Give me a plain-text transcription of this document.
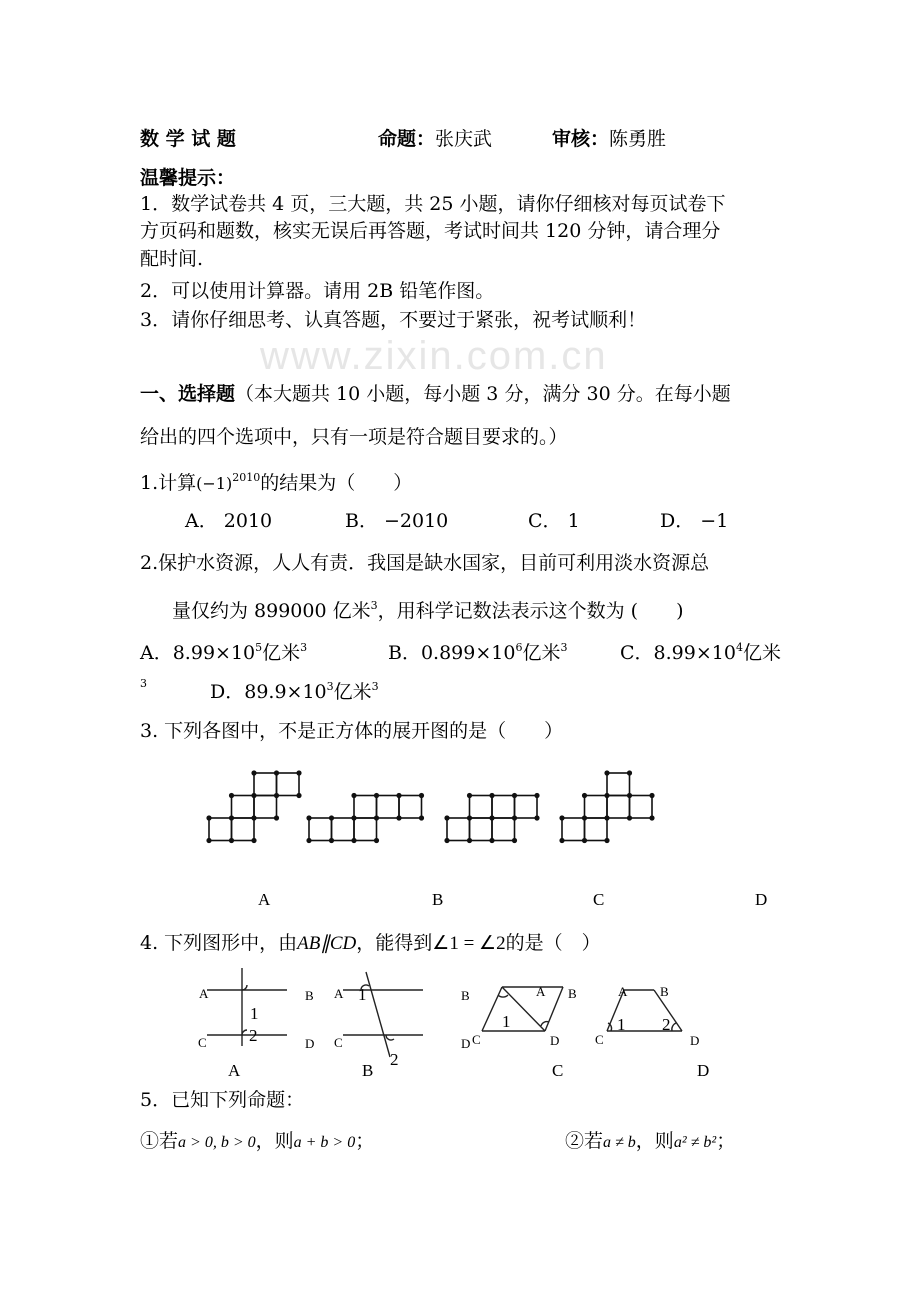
www.zixin.com.cn
数 学 试 题	命题：张庆武	审核：陈勇胜
温馨提示：
1．数学试卷共 4 页，三大题，共 25 小题，请你仔细核对每页试卷下
方页码和题数，核实无误后再答题，考试时间共 120 分钟，请合理分
配时间.
2．可以使用计算器。请用 2B 铅笔作图。
3．请你仔细思考、认真答题，不要过于紧张，祝考试顺利！
一、选择题（本大题共 10 小题，每小题 3 分，满分 30 分。在每小题
给出的四个选项中，只有一项是符合题目要求的。）
1.计算$(-1)^{2010}$的结果为（　　）
A． 2010	B． −2010	C． 1	D． −1
2.保护水资源，人人有责．我国是缺水国家，目前可利用淡水资源总
量仅约为 899000 亿米$^3$，用科学记数法表示这个数为 (　　)
A．$8.99\times 10^5$亿米$^3$	B．$0.899\times 10^6$亿米$^3$	C．$8.99\times 10^4$亿米
3	D．$89.9\times 10^3$亿米$^3$
3. 下列各图中，不是正方体的展开图的是（　　）
A	B	C	D
1
2
1
2
1	1 2
A	B
C	D
A	B
C	D
A B
C	D
A	B
C	D
A	B	C	D
4. 下列图形中，由AB∥CD，能得到∠1 = ∠2的是（　）
5．已知下列命题：
①若a > 0, b > 0，则a + b > 0；	②若a ≠ b，则a² ≠ b²；
